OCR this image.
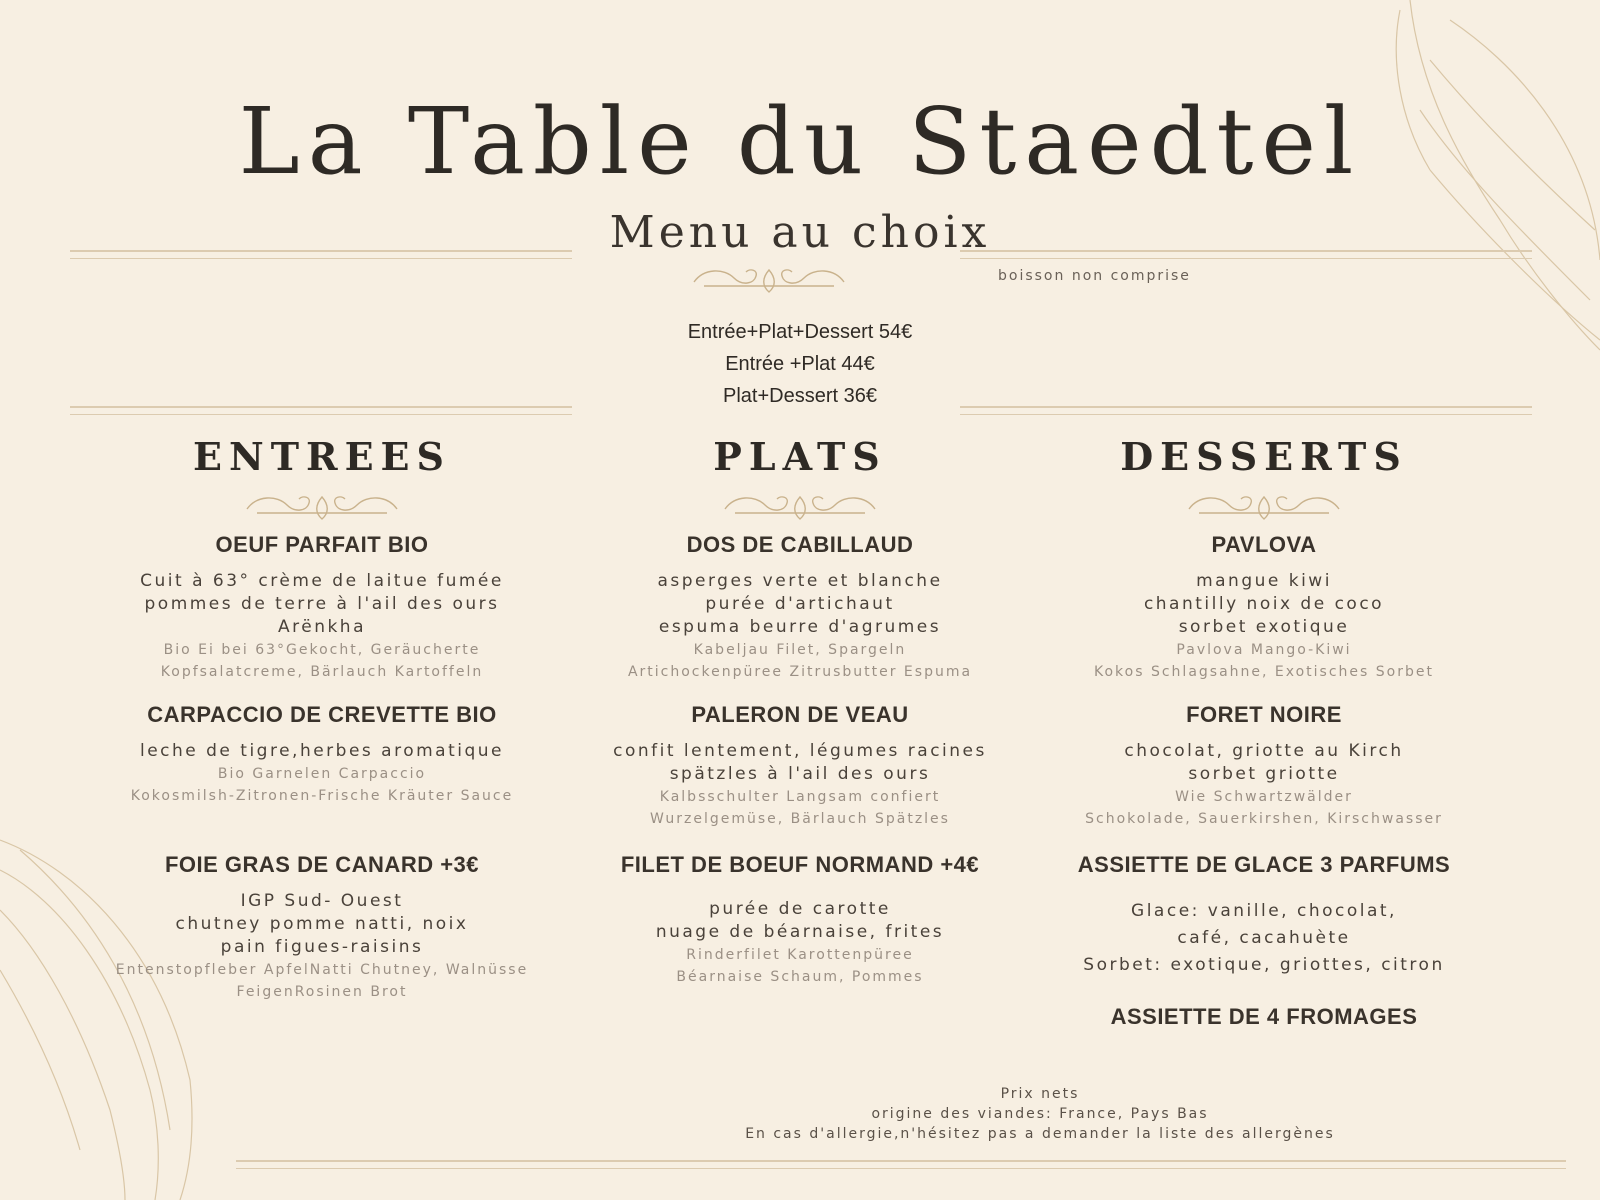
La Table du Staedtel
Menu au choix
boisson non comprise
Entrée+Plat+Dessert 54€
Entrée +Plat 44€
Plat+Dessert 36€
ENTREES
OEUF PARFAIT BIO
Cuit à 63° crème de laitue fumée
pommes de terre à l'ail des ours
Arënkha
Bio Ei bei 63°Gekocht, Geräucherte
Kopfsalatcreme, Bärlauch Kartoffeln
CARPACCIO DE CREVETTE BIO
leche de tigre,herbes aromatique
Bio Garnelen Carpaccio
Kokosmilsh-Zitronen-Frische Kräuter Sauce
FOIE GRAS DE CANARD +3€
IGP Sud- Ouest
chutney pomme natti, noix
pain figues-raisins
Entenstopfleber ApfelNatti Chutney, Walnüsse
FeigenRosinen Brot
PLATS
DOS DE CABILLAUD
asperges verte et blanche
purée d'artichaut
espuma beurre d'agrumes
Kabeljau Filet, Spargeln
Artichockenpüree Zitrusbutter Espuma
PALERON DE VEAU
confit lentement, légumes racines
spätzles à l'ail des ours
Kalbsschulter Langsam confiert
Wurzelgemüse, Bärlauch Spätzles
FILET DE BOEUF NORMAND +4€
purée de carotte
nuage de béarnaise, frites
Rinderfilet Karottenpüree
Béarnaise Schaum, Pommes
DESSERTS
PAVLOVA
mangue kiwi
chantilly noix de coco
sorbet exotique
Pavlova Mango-Kiwi
Kokos Schlagsahne, Exotisches Sorbet
FORET NOIRE
chocolat, griotte au Kirch
sorbet griotte
Wie Schwartzwälder
Schokolade, Sauerkirshen, Kirschwasser
ASSIETTE DE GLACE 3 PARFUMS
Glace: vanille, chocolat,
café, cacahuète
Sorbet: exotique, griottes, citron
ASSIETTE DE 4 FROMAGES
Prix nets
origine des viandes: France, Pays Bas
En cas d'allergie,n'hésitez pas a demander la liste des allergènes
